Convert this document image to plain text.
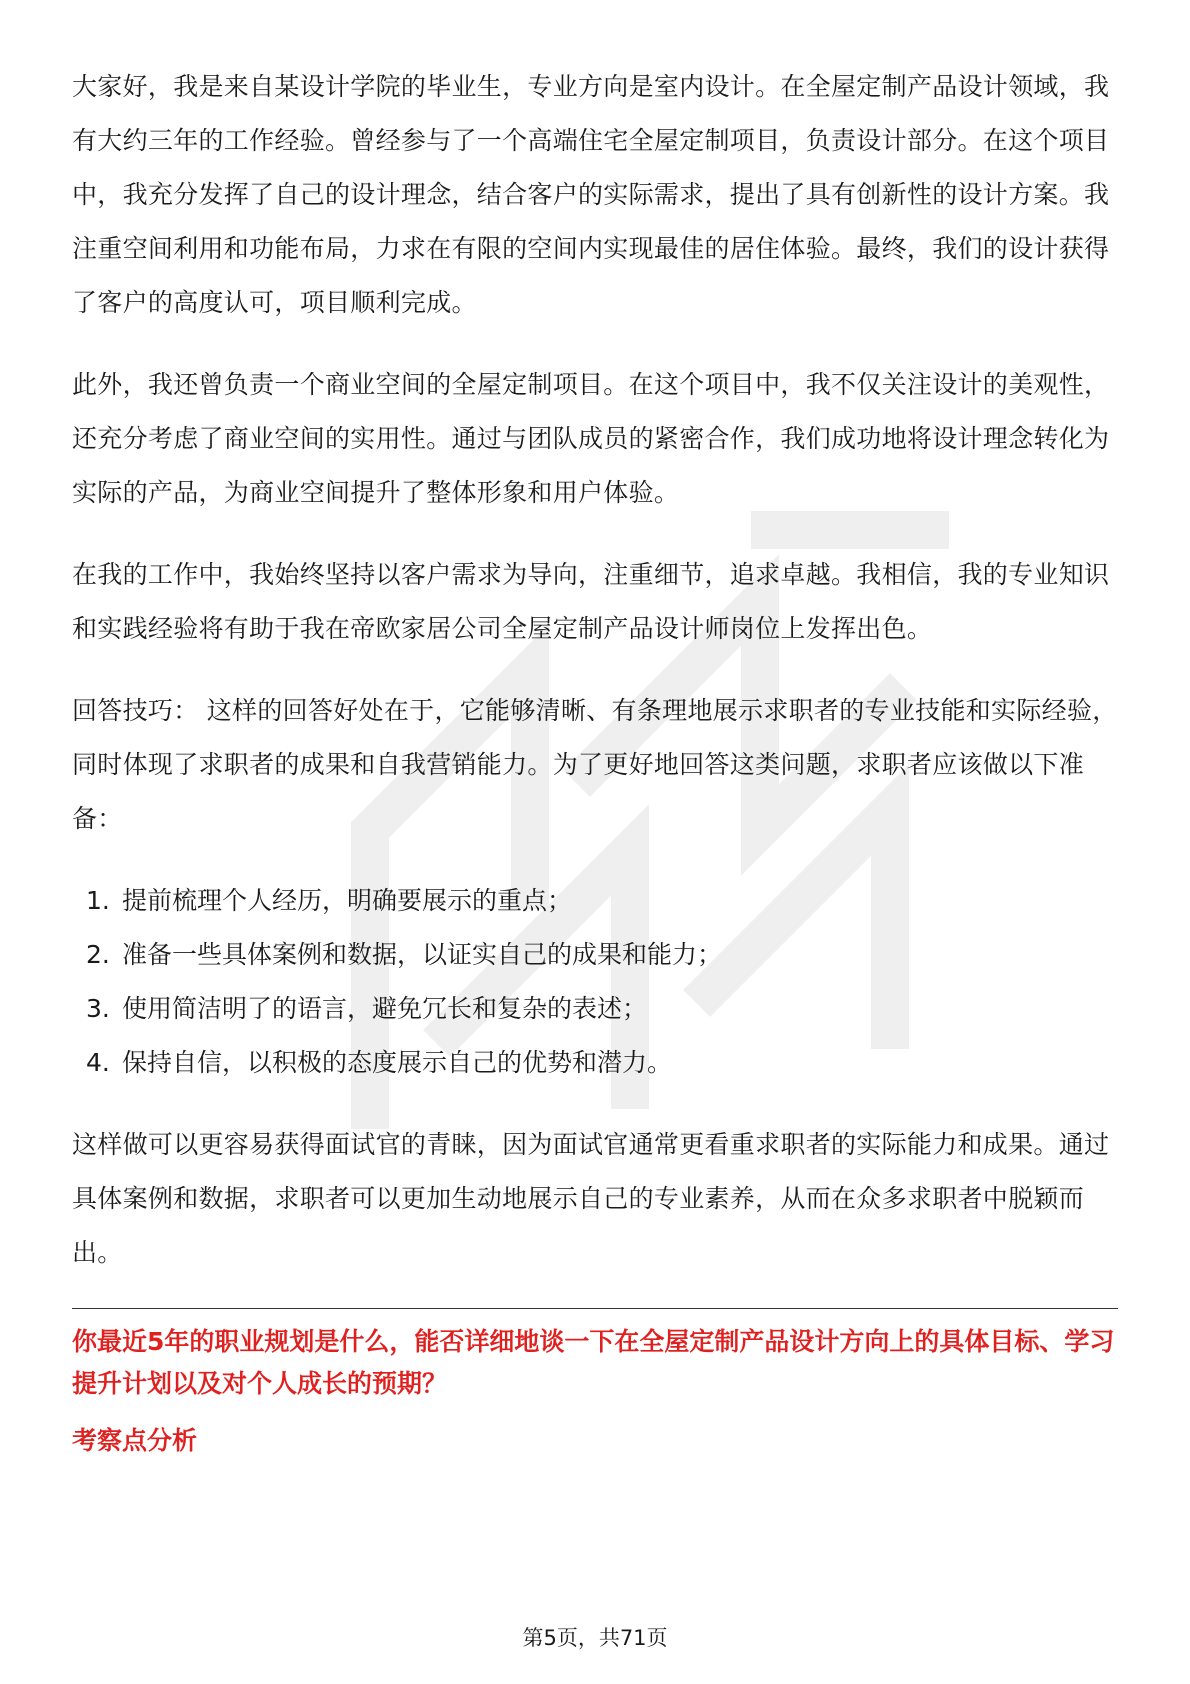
大家好，我是来自某设计学院的毕业生，专业方向是室内设计。在全屋定制产品设计领域，我有大约三年的工作经验。曾经参与了一个高端住宅全屋定制项目，负责设计部分。在这个项目中，我充分发挥了自己的设计理念，结合客户的实际需求，提出了具有创新性的设计方案。我注重空间利用和功能布局，力求在有限的空间内实现最佳的居住体验。最终，我们的设计获得了客户的高度认可，项目顺利完成。

此外，我还曾负责一个商业空间的全屋定制项目。在这个项目中，我不仅关注设计的美观性，还充分考虑了商业空间的实用性。通过与团队成员的紧密合作，我们成功地将设计理念转化为实际的产品，为商业空间提升了整体形象和用户体验。

在我的工作中，我始终坚持以客户需求为导向，注重细节，追求卓越。我相信，我的专业知识和实践经验将有助于我在帝欧家居公司全屋定制产品设计师岗位上发挥出色。

回答技巧： 这样的回答好处在于，它能够清晰、有条理地展示求职者的专业技能和实际经验，同时体现了求职者的成果和自我营销能力。为了更好地回答这类问题，求职者应该做以下准备：

1. 提前梳理个人经历，明确要展示的重点；
2. 准备一些具体案例和数据，以证实自己的成果和能力；
3. 使用简洁明了的语言，避免冗长和复杂的表述；
4. 保持自信，以积极的态度展示自己的优势和潜力。

这样做可以更容易获得面试官的青睐，因为面试官通常更看重求职者的实际能力和成果。通过具体案例和数据，求职者可以更加生动地展示自己的专业素养，从而在众多求职者中脱颖而出。

你最近5年的职业规划是什么，能否详细地谈一下在全屋定制产品设计方向上的具体目标、学习提升计划以及对个人成长的预期？

考察点分析

第5页，共71页
